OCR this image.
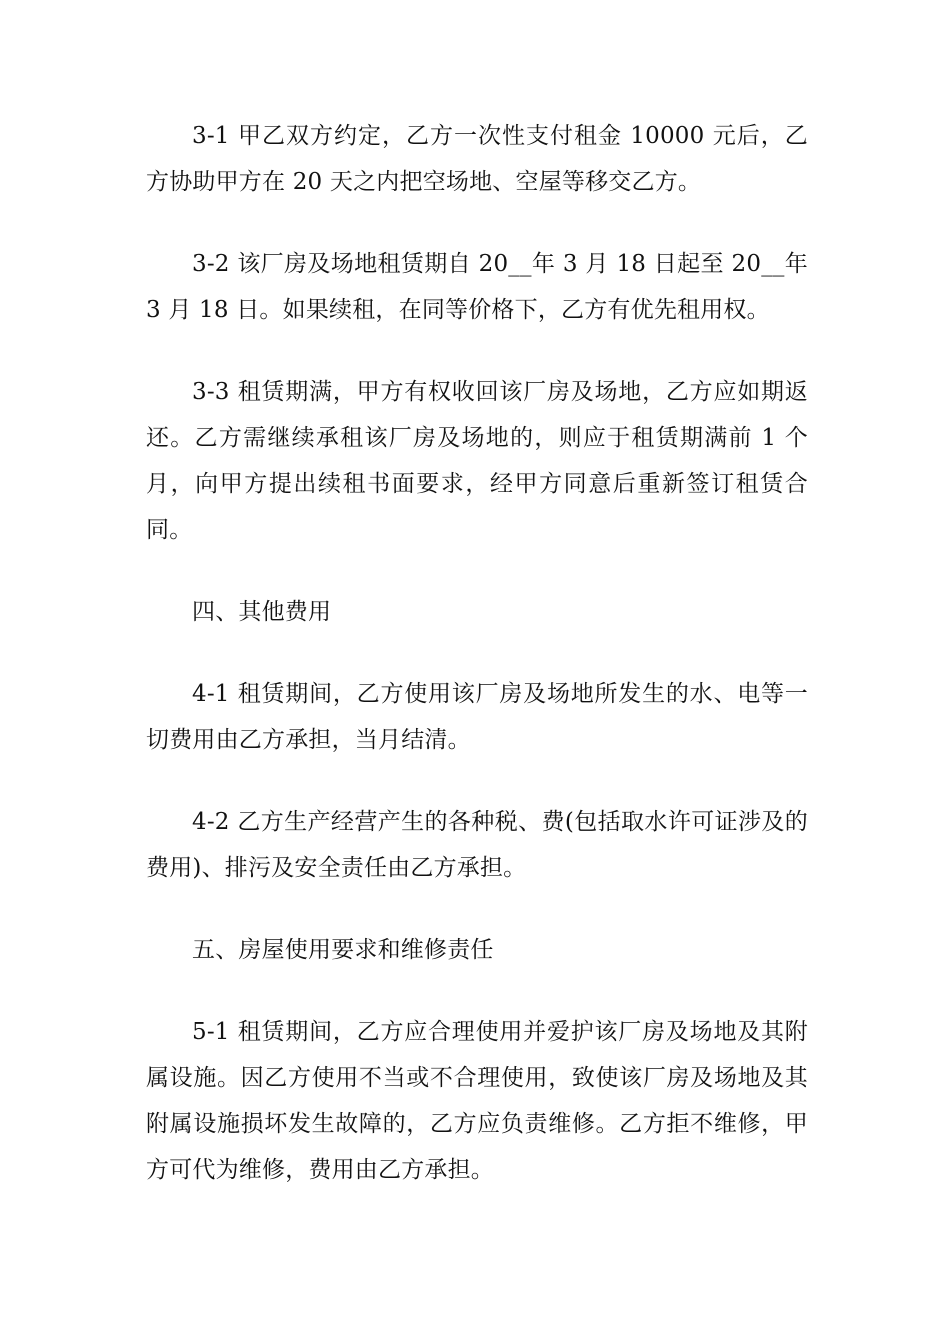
3-1 甲乙双方约定，乙方一次性支付租金 10000 元后，乙方协助甲方在 20 天之内把空场地、空屋等移交乙方。

3-2 该厂房及场地租赁期自 20__年 3 月 18 日起至 20__年 3 月 18 日。如果续租，在同等价格下，乙方有优先租用权。

3-3 租赁期满，甲方有权收回该厂房及场地，乙方应如期返还。乙方需继续承租该厂房及场地的，则应于租赁期满前 1 个月，向甲方提出续租书面要求，经甲方同意后重新签订租赁合同。

四、其他费用

4-1 租赁期间，乙方使用该厂房及场地所发生的水、电等一切费用由乙方承担，当月结清。

4-2 乙方生产经营产生的各种税、费(包括取水许可证涉及的费用)、排污及安全责任由乙方承担。

五、房屋使用要求和维修责任

5-1 租赁期间，乙方应合理使用并爱护该厂房及场地及其附属设施。因乙方使用不当或不合理使用，致使该厂房及场地及其附属设施损坏发生故障的，乙方应负责维修。乙方拒不维修，甲方可代为维修，费用由乙方承担。
